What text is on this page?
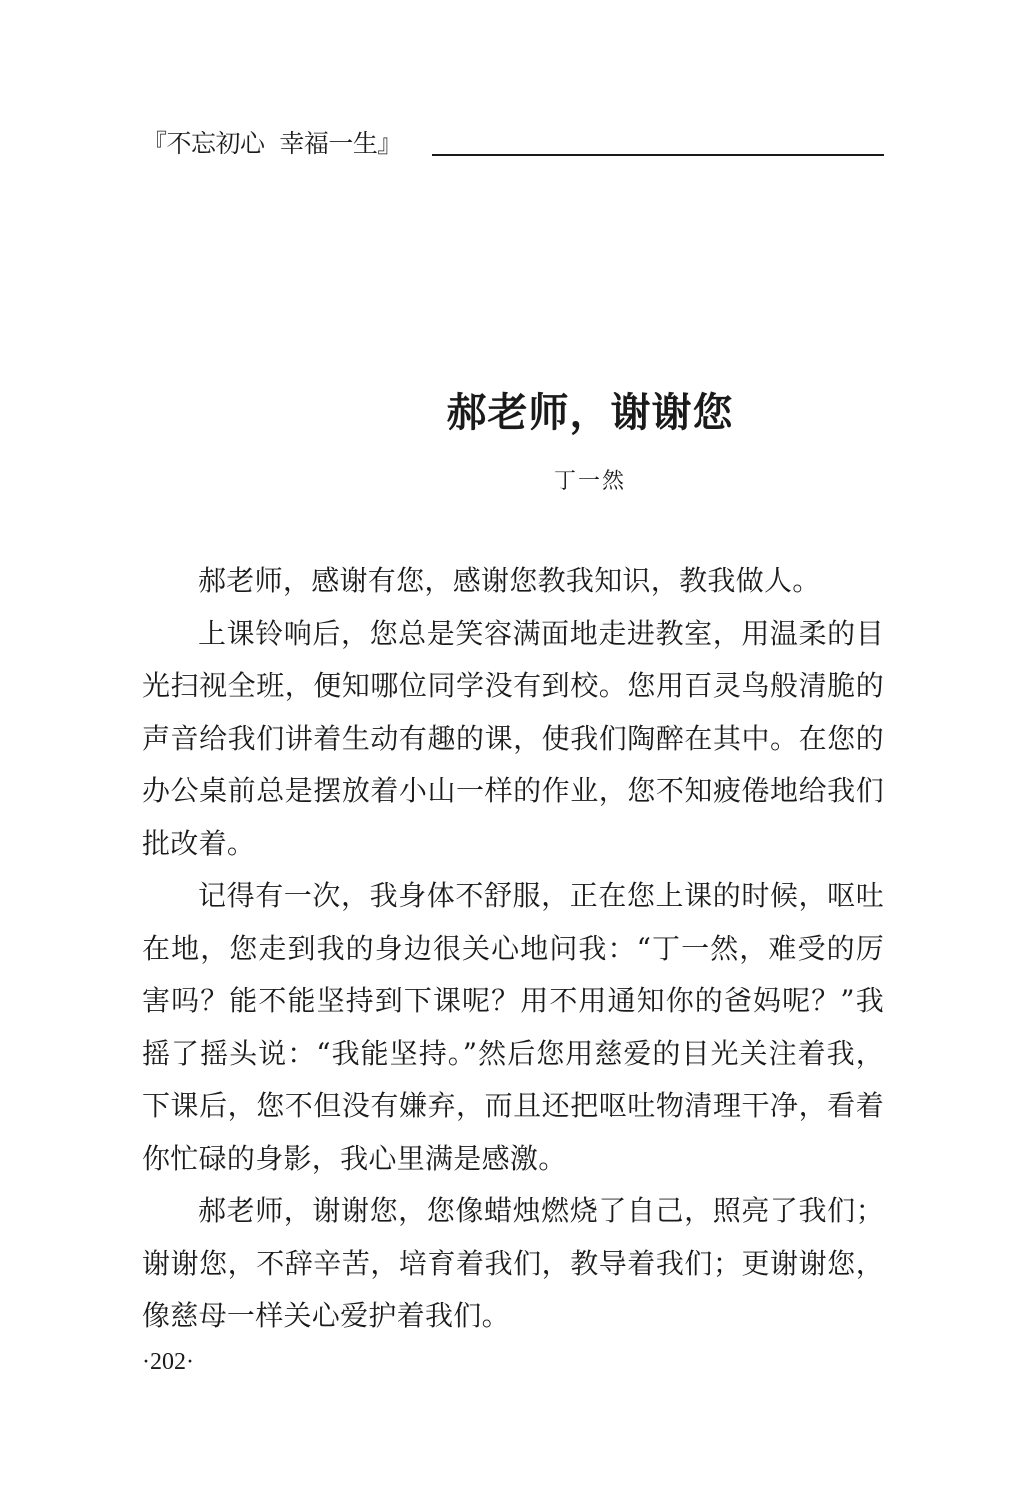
『不忘初心  幸福一生』
郝老师，谢谢您
丁一然

郝老师，感谢有您，感谢您教我知识，教我做人。

上课铃响后，您总是笑容满面地走进教室，用温柔的目光扫视全班，便知哪位同学没有到校。您用百灵鸟般清脆的声音给我们讲着生动有趣的课，使我们陶醉在其中。在您的办公桌前总是摆放着小山一样的作业，您不知疲倦地给我们批改着。

记得有一次，我身体不舒服，正在您上课的时候，呕吐在地，您走到我的身边很关心地问我：“丁一然，难受的厉害吗？能不能坚持到下课呢？用不用通知你的爸妈呢？”我摇了摇头说：“我能坚持。”然后您用慈爱的目光关注着我，下课后，您不但没有嫌弃，而且还把呕吐物清理干净，看着你忙碌的身影，我心里满是感激。

郝老师，谢谢您，您像蜡烛燃烧了自己，照亮了我们；谢谢您，不辞辛苦，培育着我们，教导着我们；更谢谢您，像慈母一样关心爱护着我们。

·202·
